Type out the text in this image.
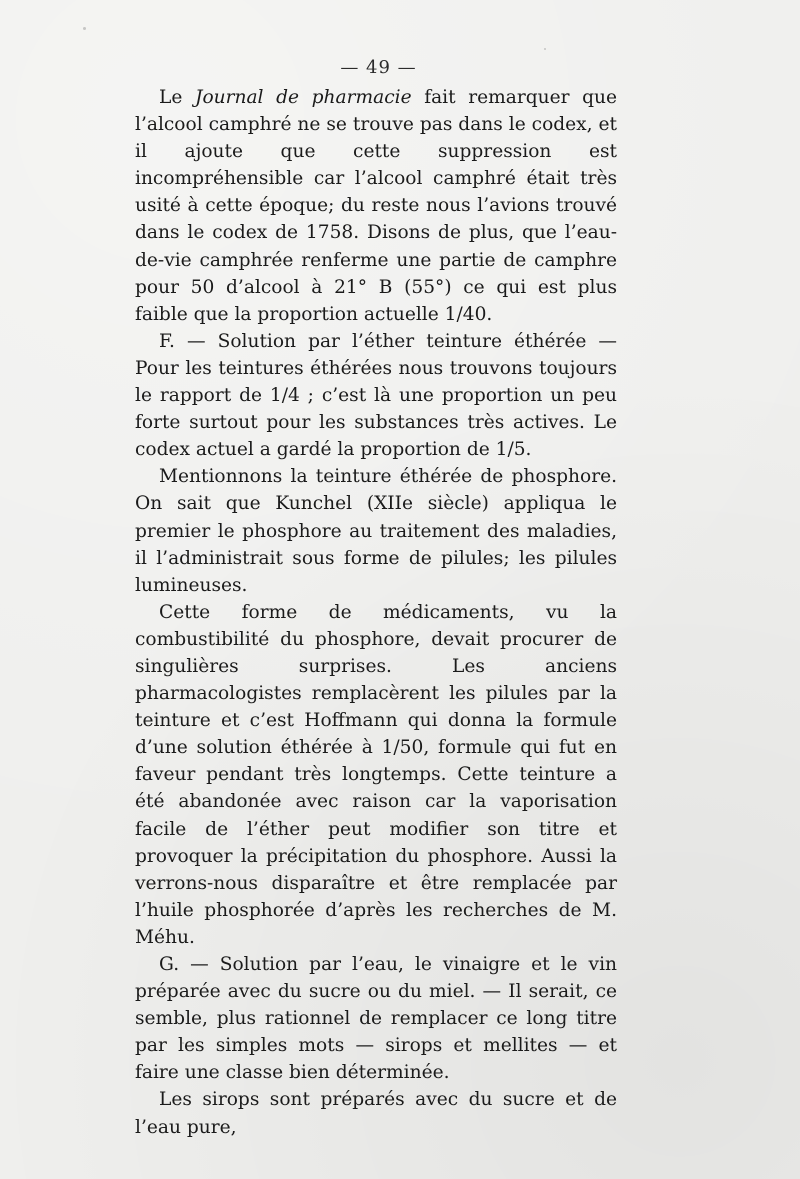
— 49 —

Le Journal de pharmacie fait remarquer que l’alcool camphré ne se trouve pas dans le codex, et il ajoute que cette suppression est incompréhensible car l’alcool camphré était très usité à cette époque; du reste nous l’avions trouvé dans le codex de 1758. Disons de plus, que l’eau-de-vie camphrée renferme une partie de camphre pour 50 d’alcool à 21° B (55°) ce qui est plus faible que la proportion actuelle 1/40.

F. — Solution par l’éther teinture éthérée — Pour les teintures éthérées nous trouvons toujours le rapport de 1/4 ; c’est là une proportion un peu forte surtout pour les substances très actives. Le codex actuel a gardé la proportion de 1/5.

Mentionnons la teinture éthérée de phosphore. On sait que Kunchel (XIIe siècle) appliqua le premier le phosphore au traitement des maladies, il l’administrait sous forme de pilules; les pilules lumineuses.

Cette forme de médicaments, vu la combustibilité du phosphore, devait procurer de singulières surprises. Les anciens pharmacologistes remplacèrent les pilules par la teinture et c’est Hoffmann qui donna la formule d’une solution éthérée à 1/50, formule qui fut en faveur pendant très longtemps. Cette teinture a été abandonée avec raison car la vaporisation facile de l’éther peut modifier son titre et provoquer la précipitation du phosphore. Aussi la verrons-nous disparaître et être remplacée par l’huile phosphorée d’après les recherches de M. Méhu.

G. — Solution par l’eau, le vinaigre et le vin préparée avec du sucre ou du miel. — Il serait, ce semble, plus rationnel de remplacer ce long titre par les simples mots — sirops et mellites — et faire une classe bien déterminée.

Les sirops sont préparés avec du sucre et de l’eau pure,
